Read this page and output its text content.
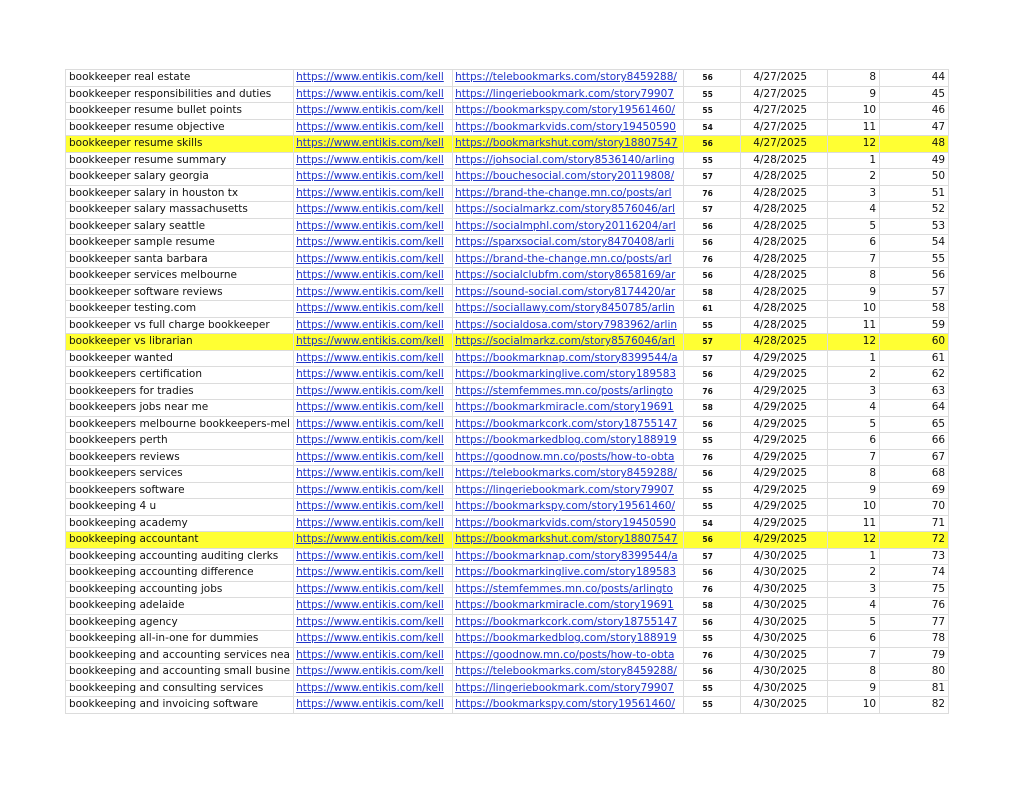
bookkeeper real estate	https://www.entikis.com/kell	https://telebookmarks.com/story8459288/	56	4/27/2025	8	44
bookkeeper responsibilities and duties	https://www.entikis.com/kell	https://lingeriebookmark.com/story79907	55	4/27/2025	9	45
bookkeeper resume bullet points	https://www.entikis.com/kell	https://bookmarkspy.com/story19561460/	55	4/27/2025	10	46
bookkeeper resume objective	https://www.entikis.com/kell	https://bookmarkvids.com/story19450590	54	4/27/2025	11	47
bookkeeper resume skills	https://www.entikis.com/kell	https://bookmarkshut.com/story18807547	56	4/27/2025	12	48
bookkeeper resume summary	https://www.entikis.com/kell	https://johsocial.com/story8536140/arling	55	4/28/2025	1	49
bookkeeper salary georgia	https://www.entikis.com/kell	https://bouchesocial.com/story20119808/	57	4/28/2025	2	50
bookkeeper salary in houston tx	https://www.entikis.com/kell	https://brand-the-change.mn.co/posts/arl	76	4/28/2025	3	51
bookkeeper salary massachusetts	https://www.entikis.com/kell	https://socialmarkz.com/story8576046/arl	57	4/28/2025	4	52
bookkeeper salary seattle	https://www.entikis.com/kell	https://socialmphl.com/story20116204/arl	56	4/28/2025	5	53
bookkeeper sample resume	https://www.entikis.com/kell	https://sparxsocial.com/story8470408/arli	56	4/28/2025	6	54
bookkeeper santa barbara	https://www.entikis.com/kell	https://brand-the-change.mn.co/posts/arl	76	4/28/2025	7	55
bookkeeper services melbourne	https://www.entikis.com/kell	https://socialclubfm.com/story8658169/ar	56	4/28/2025	8	56
bookkeeper software reviews	https://www.entikis.com/kell	https://sound-social.com/story8174420/ar	58	4/28/2025	9	57
bookkeeper testing.com	https://www.entikis.com/kell	https://sociallawy.com/story8450785/arlin	61	4/28/2025	10	58
bookkeeper vs full charge bookkeeper	https://www.entikis.com/kell	https://socialdosa.com/story7983962/arlin	55	4/28/2025	11	59
bookkeeper vs librarian	https://www.entikis.com/kell	https://socialmarkz.com/story8576046/arl	57	4/28/2025	12	60
bookkeeper wanted	https://www.entikis.com/kell	https://bookmarknap.com/story8399544/a	57	4/29/2025	1	61
bookkeepers certification	https://www.entikis.com/kell	https://bookmarkinglive.com/story189583	56	4/29/2025	2	62
bookkeepers for tradies	https://www.entikis.com/kell	https://stemfemmes.mn.co/posts/arlingto	76	4/29/2025	3	63
bookkeepers jobs near me	https://www.entikis.com/kell	https://bookmarkmiracle.com/story19691	58	4/29/2025	4	64
bookkeepers melbourne bookkeepers-mel	https://www.entikis.com/kell	https://bookmarkcork.com/story18755147	56	4/29/2025	5	65
bookkeepers perth	https://www.entikis.com/kell	https://bookmarkedblog.com/story188919	55	4/29/2025	6	66
bookkeepers reviews	https://www.entikis.com/kell	https://goodnow.mn.co/posts/how-to-obta	76	4/29/2025	7	67
bookkeepers services	https://www.entikis.com/kell	https://telebookmarks.com/story8459288/	56	4/29/2025	8	68
bookkeepers software	https://www.entikis.com/kell	https://lingeriebookmark.com/story79907	55	4/29/2025	9	69
bookkeeping 4 u	https://www.entikis.com/kell	https://bookmarkspy.com/story19561460/	55	4/29/2025	10	70
bookkeeping academy	https://www.entikis.com/kell	https://bookmarkvids.com/story19450590	54	4/29/2025	11	71
bookkeeping accountant	https://www.entikis.com/kell	https://bookmarkshut.com/story18807547	56	4/29/2025	12	72
bookkeeping accounting auditing clerks	https://www.entikis.com/kell	https://bookmarknap.com/story8399544/a	57	4/30/2025	1	73
bookkeeping accounting difference	https://www.entikis.com/kell	https://bookmarkinglive.com/story189583	56	4/30/2025	2	74
bookkeeping accounting jobs	https://www.entikis.com/kell	https://stemfemmes.mn.co/posts/arlingto	76	4/30/2025	3	75
bookkeeping adelaide	https://www.entikis.com/kell	https://bookmarkmiracle.com/story19691	58	4/30/2025	4	76
bookkeeping agency	https://www.entikis.com/kell	https://bookmarkcork.com/story18755147	56	4/30/2025	5	77
bookkeeping all-in-one for dummies	https://www.entikis.com/kell	https://bookmarkedblog.com/story188919	55	4/30/2025	6	78
bookkeeping and accounting services nea	https://www.entikis.com/kell	https://goodnow.mn.co/posts/how-to-obta	76	4/30/2025	7	79
bookkeeping and accounting small busine	https://www.entikis.com/kell	https://telebookmarks.com/story8459288/	56	4/30/2025	8	80
bookkeeping and consulting services	https://www.entikis.com/kell	https://lingeriebookmark.com/story79907	55	4/30/2025	9	81
bookkeeping and invoicing software	https://www.entikis.com/kell	https://bookmarkspy.com/story19561460/	55	4/30/2025	10	82
